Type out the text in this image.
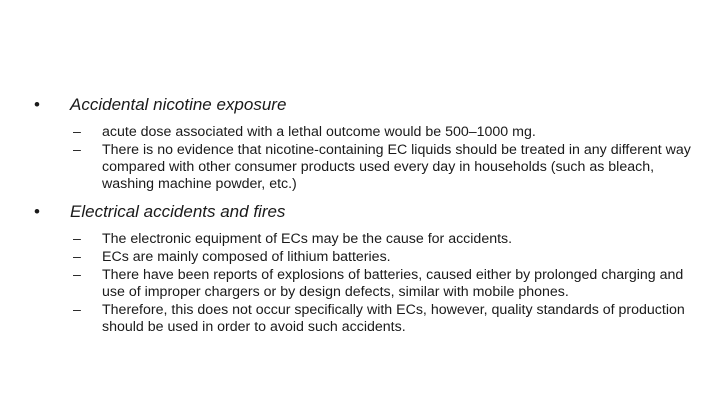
• Accidental nicotine exposure
– acute dose associated with a lethal outcome would be 500–1000 mg.
– There is no evidence that nicotine-containing EC liquids should be treated in any different way compared with other consumer products used every day in households (such as bleach, washing machine powder, etc.)
• Electrical accidents and fires
– The electronic equipment of ECs may be the cause for accidents.
– ECs are mainly composed of lithium batteries.
– There have been reports of explosions of batteries, caused either by prolonged charging and use of improper chargers or by design defects, similar with mobile phones.
– Therefore, this does not occur specifically with ECs, however, quality standards of production should be used in order to avoid such accidents.
